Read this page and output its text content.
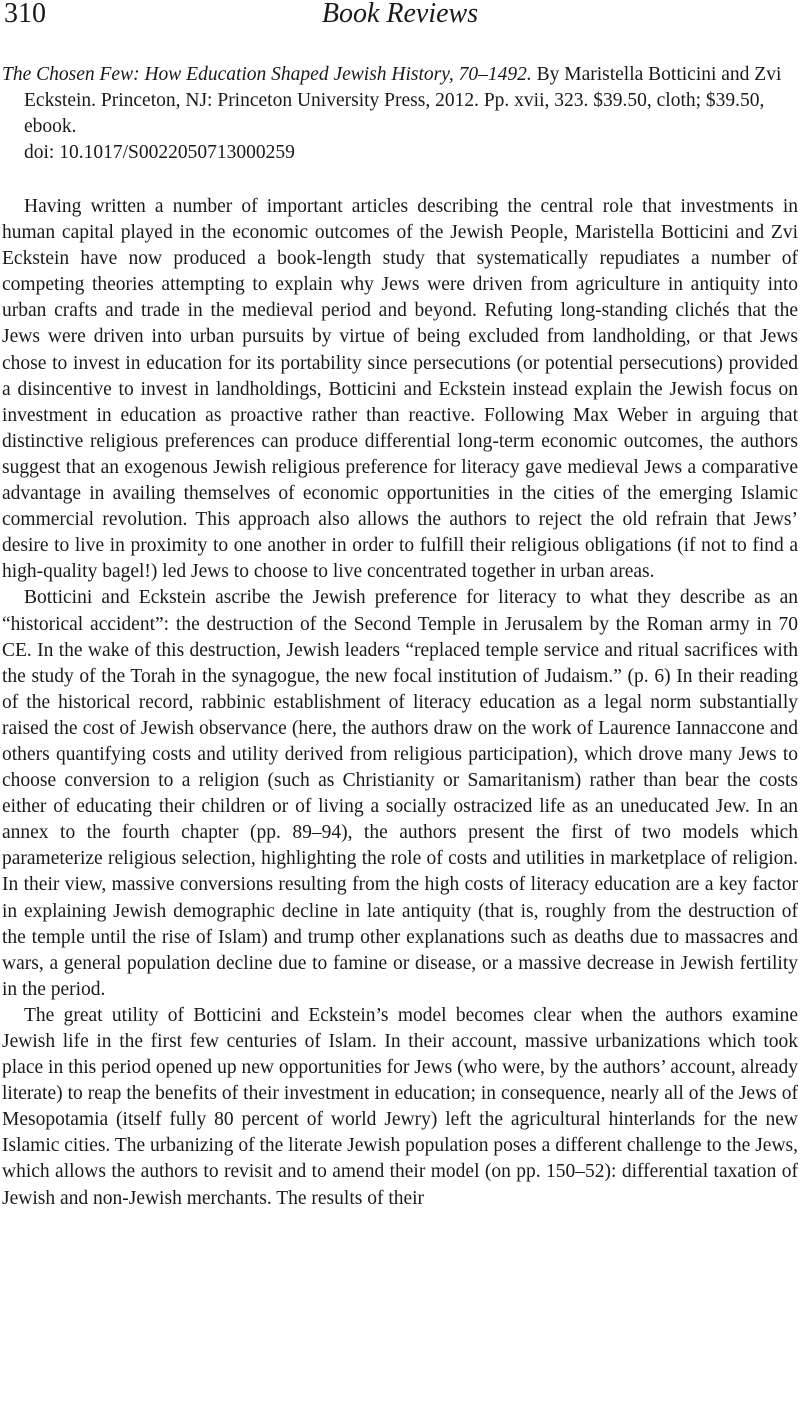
310	Book Reviews
The Chosen Few: How Education Shaped Jewish History, 70–1492. By Maristella Botticini and Zvi Eckstein. Princeton, NJ: Princeton University Press, 2012. Pp. xvii, 323. $39.50, cloth; $39.50, ebook.
doi: 10.1017/S0022050713000259

Having written a number of important articles describing the central role that investments in human capital played in the economic outcomes of the Jewish People, Maristella Botticini and Zvi Eckstein have now produced a book-length study that systematically repudiates a number of competing theories attempting to explain why Jews were driven from agriculture in antiquity into urban crafts and trade in the medieval period and beyond. Refuting long-standing clichés that the Jews were driven into urban pursuits by virtue of being excluded from landholding, or that Jews chose to invest in education for its portability since persecutions (or potential persecutions) provided a disincentive to invest in landholdings, Botticini and Eckstein instead explain the Jewish focus on investment in education as proactive rather than reactive. Following Max Weber in arguing that distinctive religious preferences can produce differential long-term economic outcomes, the authors suggest that an exogenous Jewish religious preference for literacy gave medieval Jews a comparative advantage in availing themselves of economic opportunities in the cities of the emerging Islamic commercial revolution. This approach also allows the authors to reject the old refrain that Jews’ desire to live in proximity to one another in order to fulfill their religious obligations (if not to find a high-quality bagel!) led Jews to choose to live concentrated together in urban areas.

Botticini and Eckstein ascribe the Jewish preference for literacy to what they describe as an “historical accident”: the destruction of the Second Temple in Jerusalem by the Roman army in 70 CE. In the wake of this destruction, Jewish leaders “replaced temple service and ritual sacrifices with the study of the Torah in the synagogue, the new focal institution of Judaism.” (p. 6) In their reading of the historical record, rabbinic establishment of literacy education as a legal norm substantially raised the cost of Jewish observance (here, the authors draw on the work of Laurence Iannaccone and others quantifying costs and utility derived from religious participation), which drove many Jews to choose conversion to a religion (such as Christianity or Samaritanism) rather than bear the costs either of educating their children or of living a socially ostracized life as an uneducated Jew. In an annex to the fourth chapter (pp. 89–94), the authors present the first of two models which parameterize religious selection, highlighting the role of costs and utilities in marketplace of religion. In their view, massive conversions resulting from the high costs of literacy education are a key factor in explaining Jewish demographic decline in late antiquity (that is, roughly from the destruction of the temple until the rise of Islam) and trump other explanations such as deaths due to massacres and wars, a general population decline due to famine or disease, or a massive decrease in Jewish fertility in the period.

The great utility of Botticini and Eckstein’s model becomes clear when the authors examine Jewish life in the first few centuries of Islam. In their account, massive urbanizations which took place in this period opened up new opportunities for Jews (who were, by the authors’ account, already literate) to reap the benefits of their investment in education; in consequence, nearly all of the Jews of Mesopotamia (itself fully 80 percent of world Jewry) left the agricultural hinterlands for the new Islamic cities. The urbanizing of the literate Jewish population poses a different challenge to the Jews, which allows the authors to revisit and to amend their model (on pp. 150–52): differential taxation of Jewish and non-Jewish merchants. The results of their
